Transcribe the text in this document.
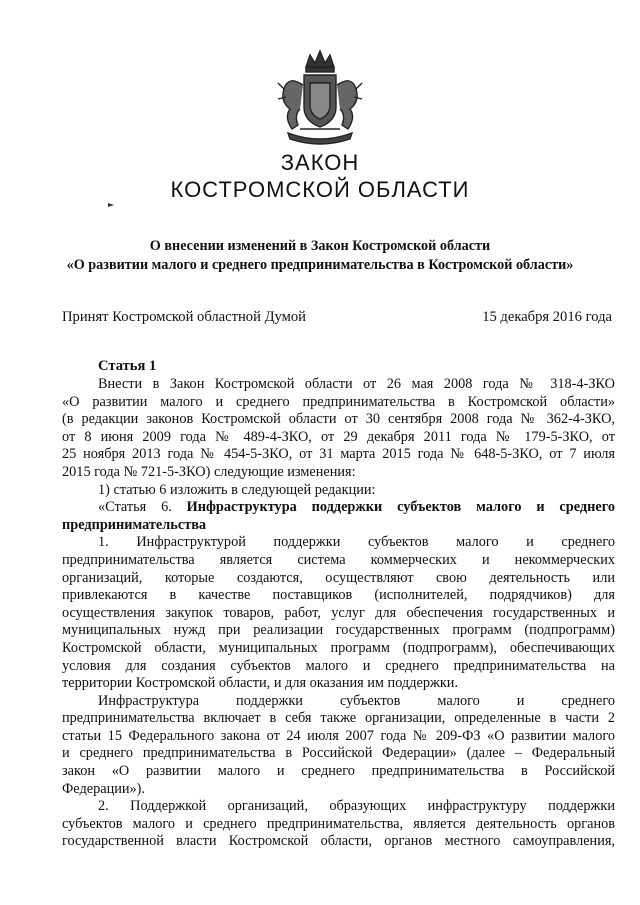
ЗАКОН
КОСТРОМСКОЙ ОБЛАСТИ
О внесении изменений в Закон Костромской области
«О развитии малого и среднего предпринимательства в Костромской области»
Принят Костромской областной Думой	15 декабря 2016 года
Статья 1

Внести в Закон Костромской области от 26 мая 2008 года № 318-4-ЗКО

«О развитии малого и среднего предпринимательства в Костромской области»

(в редакции законов Костромской области от 30 сентября 2008 года № 362-4-ЗКО,

от 8 июня 2009 года № 489-4-ЗКО, от 29 декабря 2011 года № 179-5-ЗКО, от

25 ноября 2013 года № 454-5-ЗКО, от 31 марта 2015 года № 648-5-ЗКО, от 7 июля

2015 года № 721-5-ЗКО) следующие изменения:

1) статью 6 изложить в следующей редакции:

«Статья 6. Инфраструктура поддержки субъектов малого и среднего

предпринимательства

1. Инфраструктурой поддержки субъектов малого и среднего

предпринимательства является система коммерческих и некоммерческих

организаций, которые создаются, осуществляют свою деятельность или

привлекаются в качестве поставщиков (исполнителей, подрядчиков) для

осуществления закупок товаров, работ, услуг для обеспечения государственных и

муниципальных нужд при реализации государственных программ (подпрограмм)

Костромской области, муниципальных программ (подпрограмм), обеспечивающих

условия для создания субъектов малого и среднего предпринимательства на

территории Костромской области, и для оказания им поддержки.

Инфраструктура поддержки субъектов малого и среднего

предпринимательства включает в себя также организации, определенные в части 2

статьи 15 Федерального закона от 24 июля 2007 года № 209-ФЗ «О развитии малого

и среднего предпринимательства в Российской Федерации» (далее – Федеральный

закон «О развитии малого и среднего предпринимательства в Российской

Федерации»).

2. Поддержкой организаций, образующих инфраструктуру поддержки

субъектов малого и среднего предпринимательства, является деятельность органов

государственной власти Костромской области, органов местного самоуправления,
